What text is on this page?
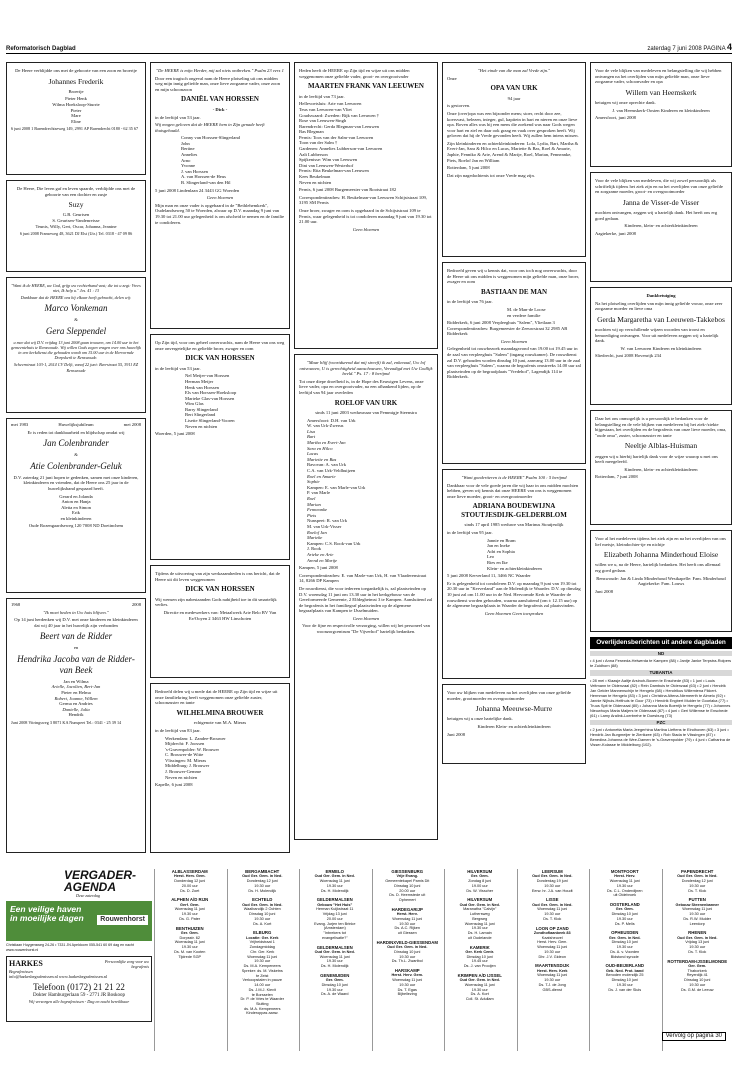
Reformatorisch Dagblad	zaterdag 7 juni 2008 PAGINA 4

De Heere verblijdde ons met de geboorte van een zoon en broertje

Johannes Frederik

Broertje

Pieter Henk
Wilma Hoeksloop-Sturrie
Pieter
Mare
Eline

6 juni 2008 1 Barendrechtseweg 149, 2991 AP Barendrecht 0180 - 62 35 67

De Heere, Die leven gaf en leven spaarde, verblijdde ons met de geboorte van een dochter en zusje

Suzy
G.B. Geurtsen
S. Geurtsen-Vandenreisse
Teunis, Willy, Gert, Oscar, Johanna, Jeanine

6 juni 2008 Franseweg 48, 3621 DJ Elst (Utr.) Tel. 0318 - 47 09 86

"Want ik de HEERE, uw God, grijp uw rechterhand vast; die tot u zegt: Vrees niet, Ik help u." Jes. 41 : 13

Dankbaar dat de HEERE ons bij elkaar heeft gebracht, delen wij:

Marco Vonkeman
&
Gera Sleppendel

u mee dat wij D.V. vrijdag 13 juni 2008 gaan trouwen, om 14.00 uur in het gemeentehuis te Renswoude. Wij willen Gods zegen vragen over ons huwelijk in een kerkdienst die gehouden wordt om 15.00 uur in de Hervormde Dorpskerk te Renswoude.

Scheerntraat 103-1, 2614 CV Delft, vanaf 22 juni: Beerstraat 55, 3911 EZ Renswoude

mei 1983	Huwelijksjubileum	mei 2008

Er is reden tot dankbaarheid en blijdschap omdat wij

Jan Colenbrander
&
Atie Colenbrander-Geluk

D.V. zaterdag 21 juni hopen te gedenken, samen met onze kinderen, kleinkinderen en vrienden, dat de Heere ons 25 jaar in de huwelijksband gespaard heeft.

Gerard en Jolanda
Anton en Hanja
Aletta en Simon
Erik
en kleinkinderen

Oude Rozengaardseweg 120 7008 ND Doetinchem

1968	2008

"Ik moet heden in Uw huis blijven."

Op 14 juni herdenken wij D.V. met onze kinderen en kleinkinderen dat wij 40 jaar in het huwelijk zijn verbonden

Beert van de Ridder
en
Hendrika Jacoba van de Ridder-van Beek
Jan en Wilma
Arielle, Jacolien, Bert-Jan
Pieter en Helma
Robert, Joanne, Willem
Germa en Andries
Danielle, Julia
Hendrik

Juni 2008 Vitringsweg 3 8071 KA Nunspeet Tel.: 0341 - 25 39 14

"De HEERE is mijn Herder, mij zal niets ontbreken." Psalm 23 vers 1

Door een tragisch ongeval nam de Heere plotseling uit ons midden weg mijn innig geliefde man, onze lieve zorgzame vader, onze zoon en mijn schoonzoon

DANIËL VAN HORSSEN
- Dick -

in de leeftijd van 53 jaar.

Wij mogen geloven dat de HEERE hem in Zijn genade heeft thuisgehaald.

Conny van Horssen-Slingerland
John
Bertine
Annelies
Arno
Yvonne
J. van Horssen
A. van Horssen-de Heus
B. Slingerland-van den Hil

5 juni 2008 Lindenlaan 24 3443 GG Woerden

Geen bloemen

Mijn man en onze vader is opgebaard in de "Bethlehemkerk", Oudelandseweg 50 te Woerden, alwaar op D.V. maandag 9 juni van 19.30 tot 21.00 uur gelegenheid is om afscheid te nemen en de familie te condoleren.

Op Zijn tijd, voor ons geheel onverwachts, nam de Heere van ons weg onze onvergetelijke en geliefde broer, zwager en oom

DICK VAN HORSSEN

in de leeftijd van 53 jaar.

Nel Meijer-van Horssen
Herman Meijer
Henk van Horssen
Els van Horssen-Hoeksloop
Marieke Glas-van Horssen
Wim Glas
Barry Slingerland
Bert Slingerland
Lisette Slingerland-Vooren
Neven en nichten

Woerden, 5 juni 2008

Tijdens de uitvoering van zijn werkzaamheden is ons bericht, dat de Heere uit dit leven weggenomen

DICK VAN HORSSEN

Wij wensen zijn nabestaanden Gods nabijheid toe in dit smartelijk verlies.

Directie en medewerkers van: Metaalwerk Arie Belo BV Van Ee/Ooyen 2 3463 HW Linschoten

Bedroefd delen wij u mede dat de HEERE op Zijn tijd en wijze uit onze familiekring heeft weggenomen onze geliefde zuster, schoonzuster en tante

WILHELMINA BROUWER

echtgenote van M.A. Mieras

in de leeftijd van 83 jaar.

Werkendam: L. Zandee-Brouwer
Mijdrecht: F. Joossen
's-Gravenpolder: W. Brouwer
C. Brouwer-de Witte
Vlissingen: M. Mieras
Middelburg: J. Brouwer
J. Brouwer-Gemme
Neven en nichten

Kapelle, 6 juni 2008

Heden heeft de HEERE op Zijn tijd en wijze uit ons midden weggenomen onze geliefde vader, groot- en overgrootvader

MAARTEN FRANK VAN LEEUWEN

in de leeftijd van 73 jaar.

Hellevoetsluis: Arie van Leeuwen
Teus van Leeuwen-van Vliet
Goudswaard: Zweden: Bijk van Leeuwen †
Rose van Leeuwen-Singh
Barendrecht: Gerda Blegman-van Leeuwen
Bas Blegman
Pernis: Toos van der Salm-van Leeuwen
Toon van der Salm †
Gardenen: Annelies Lubberson-van Leeuwen
Aalt Lubberson
Spijkenisse: Wim van Leeuwen
Dini van Leeuwen-Westerhof
Pernis: Rita Beukelman-van Leeuwen
Kees Beukelman
Neven en nichten

Pernis, 6 juni 2008 Burgemeester van Rootstraat 182

Correspondentieadres: H. Beukelman-van Leeuwen Schijststraat 109, 3195 SM Pernis

Onze broer, zwager en oom is opgebaard in de Schijststraat 109 te Pernis, waar gelegenheid is tot condoleren maandag 9 juni van 19.30 tot 21.00 uur.

Geen bloemen

"Maar blijf (voortdurend dat mij streeft) ik zal, enkenaal, Uw lof ontvouwen, U is gerechtigheid aanschouwen, Verzadigd met Uw Godlijk beeld." Ps. 17 : 8 berijmd

Tot onze diepe droefheid is, in de Hope des Eeuwigen Levens, onze lieve vader, opa en overgrootvader, na een afhankend lijden, op de leeftijd van 94 jaar overleden

ROELOF VAN URK

sinds 11 juni 2003 weduwnaar van Femmigje Steenstra

Amersfoort: D.H. van Urk
W. van Urk-Zwerus
Lisa
Bart
Martha en Evert-Jan
Sara en Hilco
Lucas
Mariette en Bas
Bavovan: A. van Urk
C.A. van Urk-Veldhuijzen
Roel en Amarie
Sophie
Kampen: E. van Marle-van Urk
P. van Marle
Roel
Marian
Fenneanke
Piets
Nunspeet: R. van Urk
M. van Urk-Visser
Roelof Jan
Marieke
Kampen: C.S. Rook-van Urk
J. Rook
Arieke en Arie
Arend en Marije

Kampen, 5 juni 2008

Correspondentieadres: E. van Marle-van Urk, H. van Vlaaderenstraat 14, 8266 DP Kampen

De rouwdienst, die voor iedereen toegankelijk is, zal plaatsvinden op D.V. woensdag 11 juni om 13.30 uur in het kerkgebouw van de Gereformeerde Gemeente, 2 Elfdegheimst 3 te Kampen. Aansluitend zal de begrafenis in het familiegraf plaatsvinden op de algemene begraafplaats van Kampen te IJsselmuiden.

Geen bloemen

Voor de fijne en respectvolle verzorging, willen wij het personeel van woonzorgcentrum "De Vijverhof" hartelijk bedanken.

"Het einde van die man zal Vrede zijn."

Onze

OPA VAN URK

94 jaar

is gestorven.

Onze (over)opa was een bijzonder mens; stoer, recht door zee, koersvast, belezen, integer, gul, kapitein in hart en nieren en onze lieve opa. Boven alles was hij een mens die zoekend was naar Gods wegen voor hart en ziel en daar ook graag en vaak over gesproken heeft. Wij geloven dat hij de Vrede gevonden heeft. Wij zullen hem intens missen.

Zijn kleinkinderen en achterkleinkinderen: Lola, Lydia, Bart, Martha & Evert-Jan, Sara & Hilco en Lucas, Mariette & Bas, Roel & Amarie, Japhie, Fenniko & Arie, Arend & Marije, Roel, Marian, Fenneanke, Piets, Roelof Jan en William

Rotterdam, 5 juni 2008

Dat zijn nagedachtenis tot onze Vrede mag zijn.

Bedroefd geven wij u kennis dat, voor ons toch nog onverwachts, door de Heere uit ons midden is weggenomen mijn geliefde man, onze broer, zwager en oom

BASTIAAN DE MAN

in de leeftijd van 76 jaar.

M. de Man-de Loose
en verdere familie

Ridderkerk, 6 juni 2008 Verpleeghuis "Salem", Vlietlaan 3 Correspondentieadres: Burgemeester de Zeeuwstraat 32 2985 AB Ridderkerk

Geen bloemen

Gelegenheid tot rouwbezoek maandagavond van 19.00 tot 19.45 uur in de zaal van verpleeghuis "Salem" (ingang rouwkamer). De rouwdienst zal D.V. gehouden worden dinsdag 10 juni, aanvang 13.00 uur in de zaal van verpleeghuis "Salem", waarna de begrafenis omstreeks 14.00 uur zal plaatsvinden op de begraafplaats "Vredehof", Lagendijk 114 te Ridderkerk.

"Want goedertieren is de HEERE" Psalm 100 : 5 berijmd

Dankbaar voor de vele goede jaren die wij haar in ons midden mochten hebben, geven wij kennis dat onze HEERE van ons is weggenomen onze lieve moeder, groot- en overgrootmoeder

ADRIANA BOUDEWIJNA STOUTJESDIJK-GELDERBLOM

sinds 17 april 1985 weduwe van Marinus Stoutjesdijk

in de leeftijd van 95 jaar.

Jannie en Bram
Jan en Ineke
Adri en Sophia
Leo
Ries en Ike
Klein- en achterkleinkinderen

5 juni 2008 Kerverland 11, 3466 NC Waarder

Er is gelegenheid tot condoleren D.V. op maandag 9 juni van 19.30 tot 20.30 uur in "Kerverland" aan de Molendijk te Waarder. D.V. op dinsdag 10 juni zal om 11.00 uur in de Ned. Hervormde Kerk te Waarder de rouwdienst worden gehouden, waarna aansluitend (om ± 12.15 uur) op de algemene begraafplaats in Waarder de begrafenis zal plaatsvinden.

Geen bloemen Geen toespraken

Voor uw blijken van medeleven na het overlijden van onze geliefde moeder, grootmoeder en overgrootmoeder

Johanna Meeuwse-Murre

betuigen wij u onze hartelijke dank.

Kinderen Klein- en achterkleinkinderen

Juni 2008

Voor de vele blijken van medeleven en belangstelling die wij hebben ontvangen na het overlijden van mijn geliefde man, onze lieve zorgzame vader, schoonvader en opa

Willem van Heemskerk

betuigen wij onze oprechte dank.

J. van Heemskerk-Oosten Kinderen en kleinkinderen

Amersfoort, juni 2008

Voor de vele blijken van medeleven, die wij zowel persoonlijk als schriftelijk tijdens het ziek zijn en na het overlijden van onze geliefde en zorgzame moeder, groot- en overgrootmoeder

Janna de Visser-de Visser

mochten ontvangen, zeggen wij u hartelijk dank. Het heeft ons erg goed gedaan.

Kinderen, klein- en achterkleinkinderen

Aagtekerke, juni 2008

Dankbetuiging

Na het plotseling overlijden van mijn innig geliefde vrouw, onze zeer zorgzame moeder en lieve oma

Gerda Margaretha van Leeuwen-Takkebos

mochten wij op verschillende wijzen woorden van troost en bemoediging ontvangen. Voor uit medeleven zeggen wij u hartelijk dank.

W. van Leeuwen Kinderen en kleinkinderen

Sliedrecht, juni 2008 Hovenrijk 234

Daar het ons onmogelijk is u persoonlijk te bedanken voor de belangstelling en de vele blijken van medeleven bij het ziek-/ziekte bijgestaan, het overlijden en de begrafenis van onze lieve moeder, oma, "oude oma", zuster, schoonzuster en tante

Neeltje Alblas-Huisman

zeggen wij u hierbij hartelijk dank voor de wijze waarop u met ons heeft meegeleefd.

Kinderen, klein- en achterkleinkinderen

Rotterdam, 7 juni 2008

Voor al het medeleven tijdens het ziek zijn en na het overlijden van ons lief meisje, kleindochter-tje en nichtje

Elizabeth Johanna Minderhoud Eloise

willen we u, na de Heere, hartelijk bedanken. Het heeft ons allemaal erg goed gedaan.

Renswoude: Jan & Linda Minderhoud Westkapelle: Fam. Minderhoud Aagtekerke: Fam. Louws

Juni 2008

Overlijdensberichten uit andere dagbladen
ND
• 4 juni • Anna Ferweda-Helwerda te Kampen (88) • Jantje Janke Terpstra-Rolpers te Zuidhorn (88)
TUBANTIA
• 28 mei • Klaasje Aaltje Arsinoh-Boxem te Enschede (83) • 1 juni • Louis Veltmann te Oldenzaal (82) • Rein Dambuis te Oldenzaal (63) • 2 juni • Hendrik Jan Gelder Mannenschijn te Hengelo (68) • Hendrikus Willemiena Fikkert-Hermman te Hengelo (83) • 3 juni • Christina Altena-Niemeerth te Almelo (92) • Jannie Nijhuis-Heithuis te Goor (73) • Hendrik Engbert Mulder te Goorlaka (77) • Truus Spit te Oldenzaal (80) • Johanna Maria Boerrijk te Hengelo (77) • Johannes Nieuwhuys Maria Maijers te Oldenzaal (87) • 4 juni • Geri Willemse te Enschede (61) • Lamy Aralink-Loerbrehe te Doesburg (73)
PZC
• 2 juni • Antonetta Maria Jeegerhina Martina Lieftens te Eindhoven (63) • 3 juni • Hendrik Jan Burgmeijer te Zierikzee (63) • Rob Stada te Vlissingen (87) • Benedina Johanna de Wee-Damen te 's-Gravenpolder (79) • 4 juni • Catharina de Visser-Kolasse te Middelburg (102).
VERGADER-AGENDA
Deze zaterdag
Een veilige haven
in moeilijke dagen	Rouwenhorst
Christiaan Huygensweg 24-26 • 7331 JN Apeldoorn 055-541 60 69 dag en nacht www.rouwenhorst.nl
HARKES
Begrafenissen
Persoonlijke zorg voor uw begrafenis
info@harkesbegrafenissen.nl www.harkesbegrafenissen.nl
Telefoon (0172) 21 21 22
Dokter Hamburgerlaan 59 - 2771 JR Boskoop
Wij verzorgen alle begrafenissen - Dag en nacht bereikbaar
ALBLASSERDAM
Herst. Herv. Gem.
Donderdag 12 juni
20.00 uur
Ds. D. Zoet
ALPHEN A/D RIJN
Gerf. Gem.
Woensdag 11 juni
19.30 uur
Ds. G. Pater
BENTHUIZEN
Ger. Gem.
Dorpsstr. 62
Woensdag 11 juni
19.30 uur
Ds. M. van Kooten
Tijdrede SGP
BERGAMBACHT
Oud Ger. Gem. in Ned.
Donderdag 12 juni
19.30 uur
Ds. H. Molendijk
ECHTELD
Oud Ger. Gem. in Ned.
Waalbandijk 2 Ochten
Dinsdag 10 juni
19.30 uur
Ds. A. Kort
ELBURG
Locatie: Ger. Kerk
Vrijheidstraat 1
Zondagmiddag
Chr. Ger. Kerk
Woensdag 11 juni
19.30 uur
Ds. M.A. Kempeneers
Spreker: ds. M. Visketns
te Zeist
Verkoopstalen in pauze
14.00 uur
Ds. J.M.J. Kievit
te Borsselen
Dr. P. de Vries te Waarder
Sluiting
ds. M.A. Kempeneers
Kinderoppas aanw.
ERMELO
Oud Ger. Gem. in Ned.
Woensdag 11 juni
19.30 uur
Ds. H. Molendijk
GELDERMALSEN
Gebouw "Het Huis"
Herman Kuijkstraat 11
Vrijdag 13 juni
20.00 uur
Evang. Jurjen ten Brinke
(Amsterdam)
"Inbrekers tot
evangelisatie?"
GELDERMALSEN
Oud Ger. Gem. in Ned.
Woensdag 11 juni
19.30 uur
Ds. H. Molendijk
GENEMUIDEN
Ger. Gem.
Dinsdag 10 juni
19.30 uur
Ds. A. de Waard
GIESSENBURG
Vrije Evang.
Gemeentekapel Pamis Dit
Dinsdag 10 juni
20.00 uur
Ds. D. Heemstede uit
Ophemert
HARDEGARIJP
Herst. Herv.
Woensdag 11 juni
19.30 uur
Ds. A.C. Rijken
uit Giessen
HARDINXVELD-GIESSENDAM
Oud Ger. Gem. in Ned.
Dinsdag 10 juni
19.30 uur
Ds. Th.L. Zwartbol
HARSKAMP
Herst. Herv. Gem.
Woensdag 11 juni
19.30 uur
Ds. T. Egas
Bijbellezing
HILVERSUM
Ger. Gem.
Zondag 8 juni
19.00 uur
Ds. W. Visscher
HILVERSUM
Oud Ger. Gem. in Ned.
Maranatha "Calvijn"
Luthersweg
Bergweg
Woensdag 11 juni
19.30 uur
Ds. H. Lamain
uit Oudelande
KAMERIK
Ger. Kerk Centr.
Dinsdag 10 juni
19.45 uur
Ds. J. van Prooijen
KRIMPEN A/D IJSSEL
Oud Ger. Gem. in Ned.
Woensdag 11 juni
19.30 uur
Ds. A. Kort
Coll. St. Adullam
LEERSUM
Oud Ger. Gem. in Ned.
Donderdag 19 juni
19.30 uur
Eerw. hr. J.A. van Houdt
LISSE
Oud Ger. Gem. in Ned.
Woensdag 11 juni
19.30 uur
Ds. T. Klok
LOON OP ZAND
Zondhoflaanbeek 83
Kaatsheuvel
Herst. Herv. Gem.
Woensdag 11 juni
19.30 uur
Dhr. J.V. Gideon
MAARTENSDIJK
Herst. Herv. Kerk
Woensdag 11 juni
19.30 uur
Ds. T.J. de Jong
GBS-dienst
MONTFOORT
Herst. Herv.
Woensdag 11 juni
19.30 uur
Ds. C.L. Onderdijnen
uit Oldebroek
OOSTERLAND
Ger. Gem.
Dinsdag 10 juni
19.30 uur
Ds. P. Melis
OPHEUSDEN
Ger. Gem. in Ned.
Dinsdag 10 juni
19.30 uur
Ds. A. v. Voorden
Bidstond synode
OUD-BEIJERLAND
Geb. Ned. Prot. band
Benoden molendijk 25
Dinsdag 10 juni
19.30 uur
Ds. J. van der Sluis
PAPENDRECHT
Oud Ger. Gem. in Ned.
Donderdag 12 juni
19.30 uur
Ds. T. Klok
PUTTEN
Gebouw Steenenbanner
Woensdag 11 juni
19.30 uur
Ds. R.W. Mulder
Leerdorp
RHENEN
Oud Ger. Gem. in Ned.
Vrijdag 13 juni
19.30 uur
Ds. T. Klok
ROTTERDAM-IJSSELMONDE
Ger. Gem.
Thaborkerk
Reyerdijk 41
Dinsdag 10 juni
19.30 uur
Ds. G.M. de Leeuw
Vervolg op pagina 30
